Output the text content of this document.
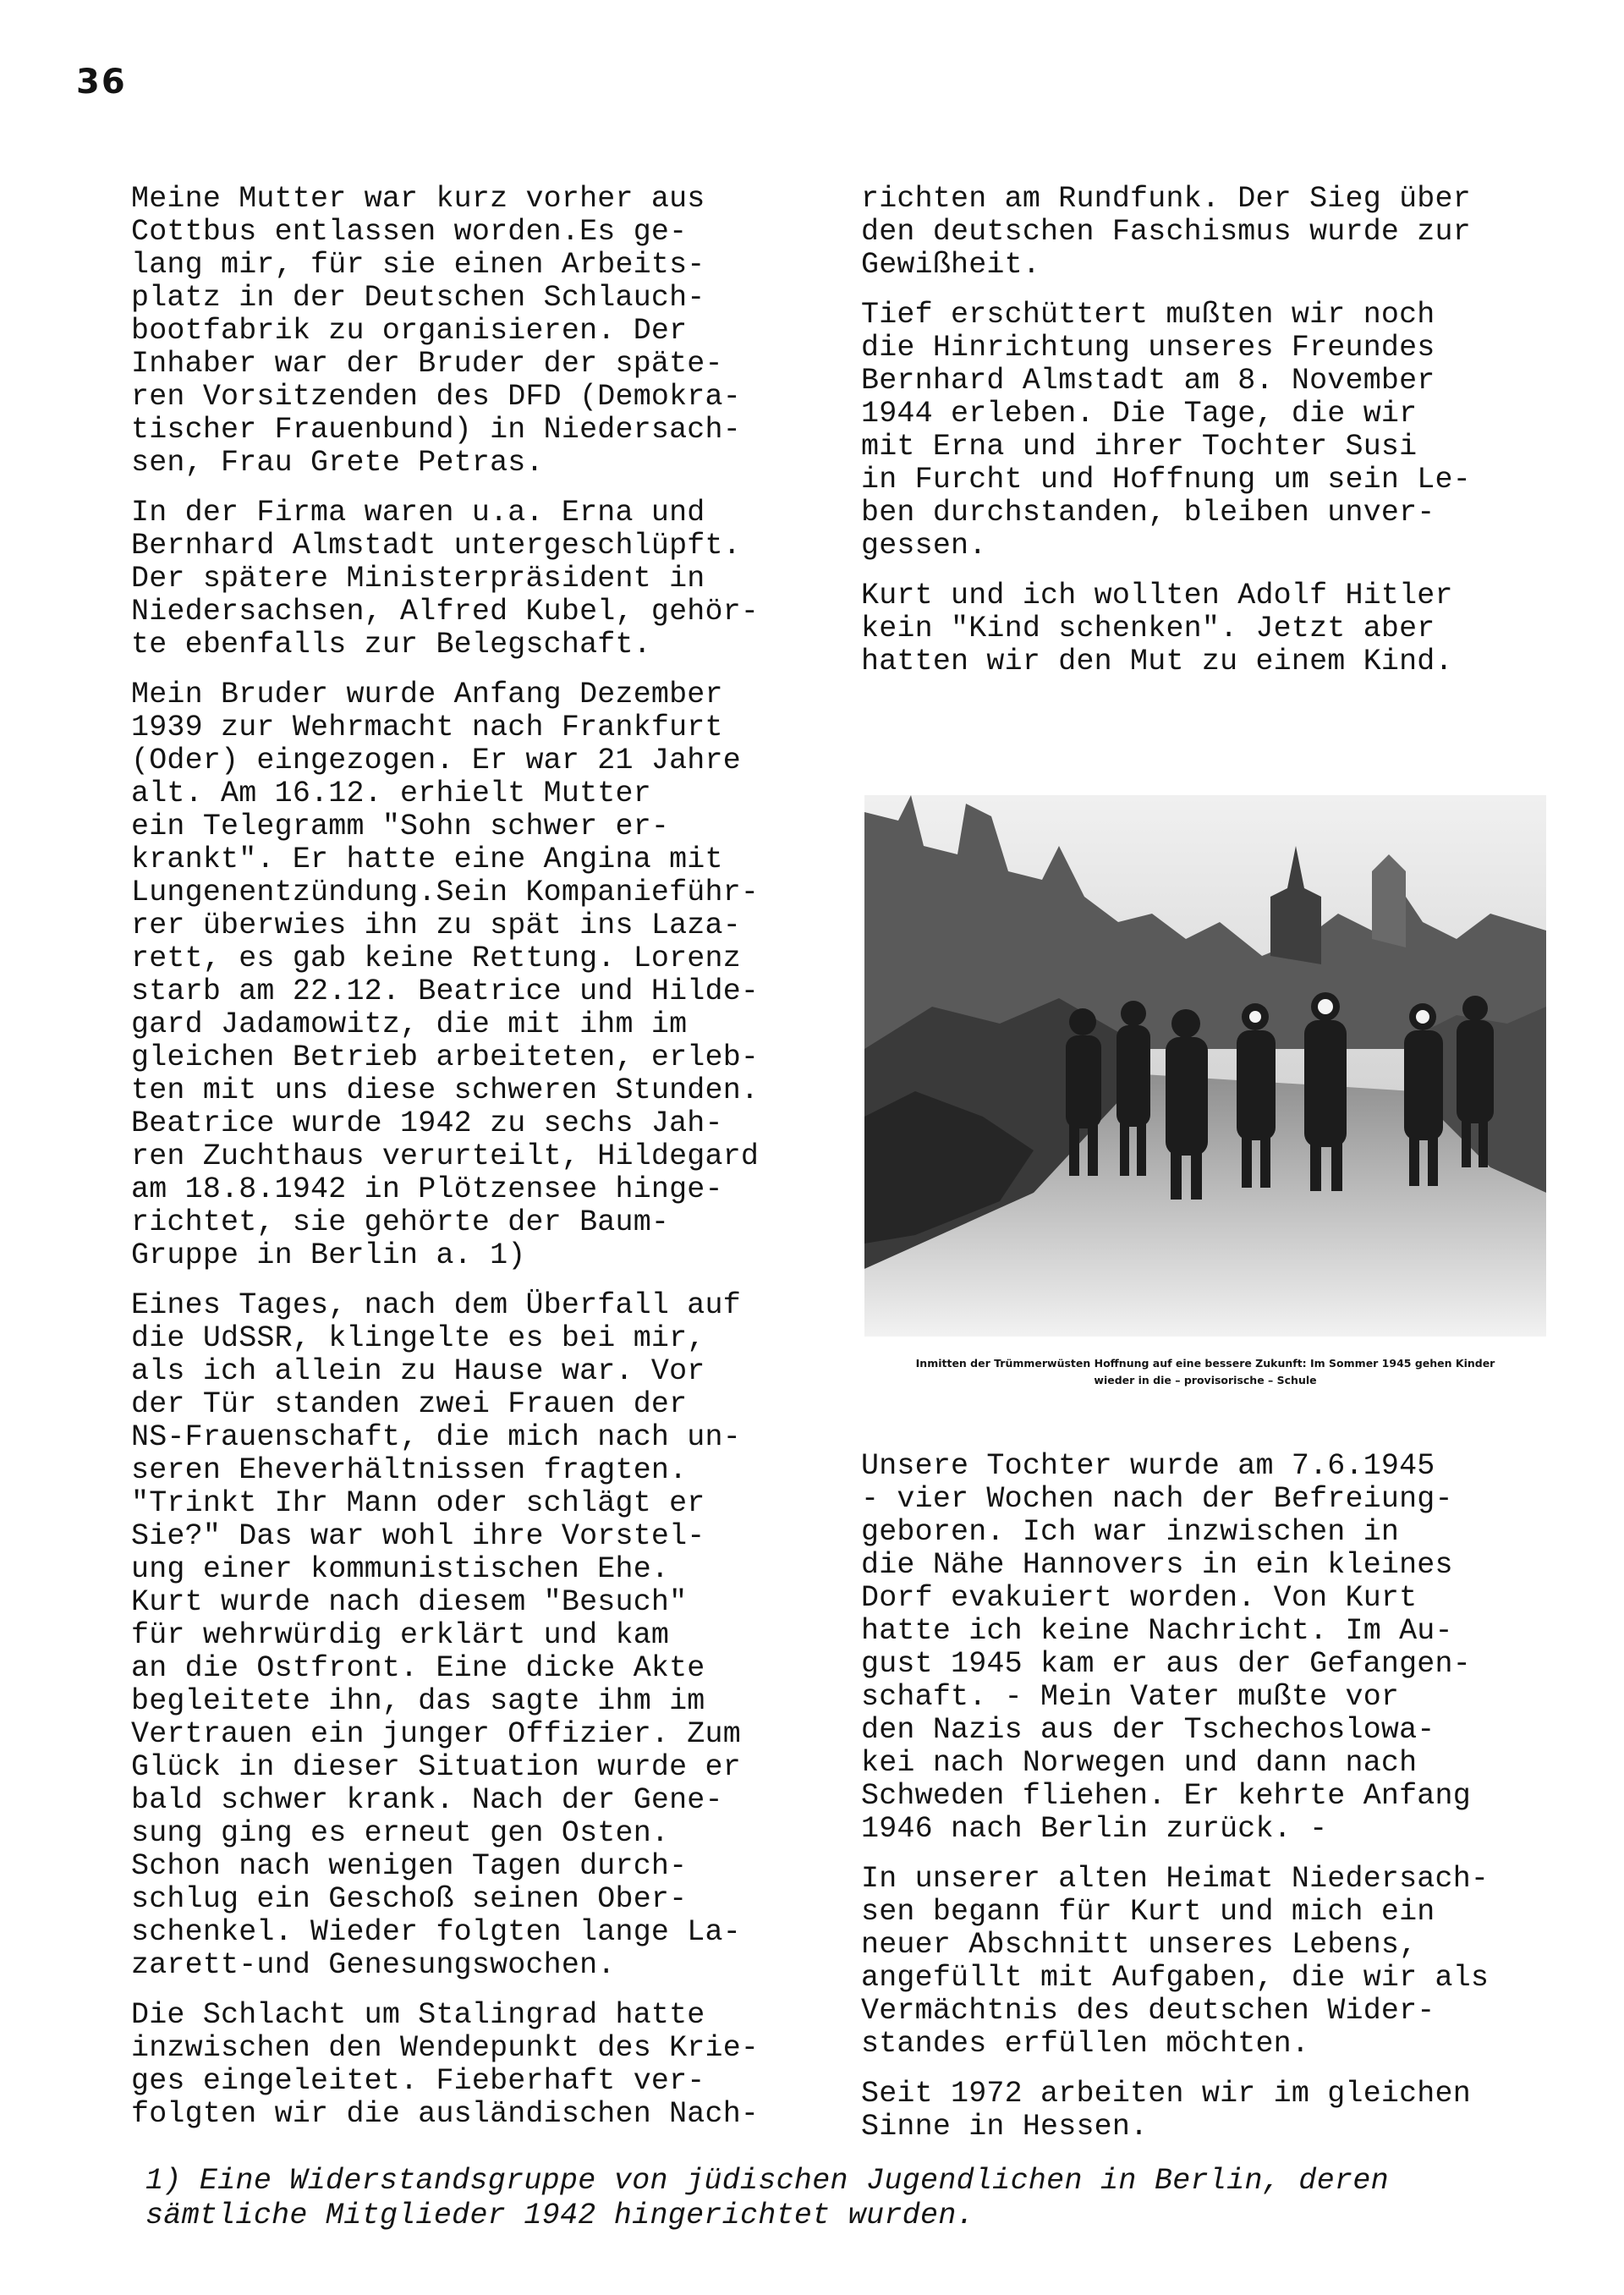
36

Meine Mutter war kurz vorher aus
Cottbus entlassen worden.Es ge-
lang mir, für sie einen Arbeits-
platz in der Deutschen Schlauch-
bootfabrik zu organisieren. Der
Inhaber war der Bruder der späte-
ren Vorsitzenden des DFD (Demokra-
tischer Frauenbund) in Niedersach-
sen, Frau Grete Petras.

In der Firma waren u.a. Erna und
Bernhard Almstadt untergeschlüpft.
Der spätere Ministerpräsident in
Niedersachsen, Alfred Kubel, gehör-
te ebenfalls zur Belegschaft.

Mein Bruder wurde Anfang Dezember
1939 zur Wehrmacht nach Frankfurt
(Oder) eingezogen. Er war 21 Jahre
alt. Am 16.12. erhielt Mutter
ein Telegramm "Sohn schwer er-
krankt". Er hatte eine Angina mit
Lungenentzündung.Sein Kompanieführ-
rer überwies ihn zu spät ins Laza-
rett, es gab keine Rettung. Lorenz
starb am 22.12. Beatrice und Hilde-
gard Jadamowitz, die mit ihm im
gleichen Betrieb arbeiteten, erleb-
ten mit uns diese schweren Stunden.
Beatrice wurde 1942 zu sechs Jah-
ren Zuchthaus verurteilt, Hildegard
am 18.8.1942 in Plötzensee hinge-
richtet, sie gehörte der Baum-
Gruppe in Berlin a. 1)

Eines Tages, nach dem Überfall auf
die UdSSR, klingelte es bei mir,
als ich allein zu Hause war. Vor
der Tür standen zwei Frauen der
NS-Frauenschaft, die mich nach un-
seren Eheverhältnissen fragten.
"Trinkt Ihr Mann oder schlägt er
Sie?" Das war wohl ihre Vorstel-
ung einer kommunistischen Ehe.
Kurt wurde nach diesem "Besuch"
für wehrwürdig erklärt und kam
an die Ostfront. Eine dicke Akte
begleitete ihn, das sagte ihm im
Vertrauen ein junger Offizier. Zum
Glück in dieser Situation wurde er
bald schwer krank. Nach der Gene-
sung ging es erneut gen Osten.
Schon nach wenigen Tagen durch-
schlug ein Geschoß seinen Ober-
schenkel. Wieder folgten lange La-
zarett-und Genesungswochen.

Die Schlacht um Stalingrad hatte
inzwischen den Wendepunkt des Krie-
ges eingeleitet. Fieberhaft ver-
folgten wir die ausländischen Nach-

richten am Rundfunk. Der Sieg über
den deutschen Faschismus wurde zur
Gewißheit.

Tief erschüttert mußten wir noch
die Hinrichtung unseres Freundes
Bernhard Almstadt am 8. November
1944 erleben. Die Tage, die wir
mit Erna und ihrer Tochter Susi
in Furcht und Hoffnung um sein Le-
ben durchstanden, bleiben unver-
gessen.

Kurt und ich wollten Adolf Hitler
kein "Kind schenken". Jetzt aber
hatten wir den Mut zu einem Kind.

Inmitten der Trümmerwüsten Hoffnung auf eine bessere Zukunft: Im Sommer 1945 gehen Kinder wieder in die – provisorische – Schule

Unsere Tochter wurde am 7.6.1945
- vier Wochen nach der Befreiung-
geboren. Ich war inzwischen in
die Nähe Hannovers in ein kleines
Dorf evakuiert worden. Von Kurt
hatte ich keine Nachricht. Im Au-
gust 1945 kam er aus der Gefangen-
schaft. - Mein Vater mußte vor
den Nazis aus der Tschechoslowa-
kei nach Norwegen und dann nach
Schweden fliehen. Er kehrte Anfang
1946 nach Berlin zurück. -

In unserer alten Heimat Niedersach-
sen begann für Kurt und mich ein
neuer Abschnitt unseres Lebens,
angefüllt mit Aufgaben, die wir als
Vermächtnis des deutschen Wider-
standes erfüllen möchten.

Seit 1972 arbeiten wir im gleichen
Sinne in Hessen.

1) Eine Widerstandsgruppe von jüdischen Jugendlichen in Berlin, deren
sämtliche Mitglieder 1942 hingerichtet wurden.
